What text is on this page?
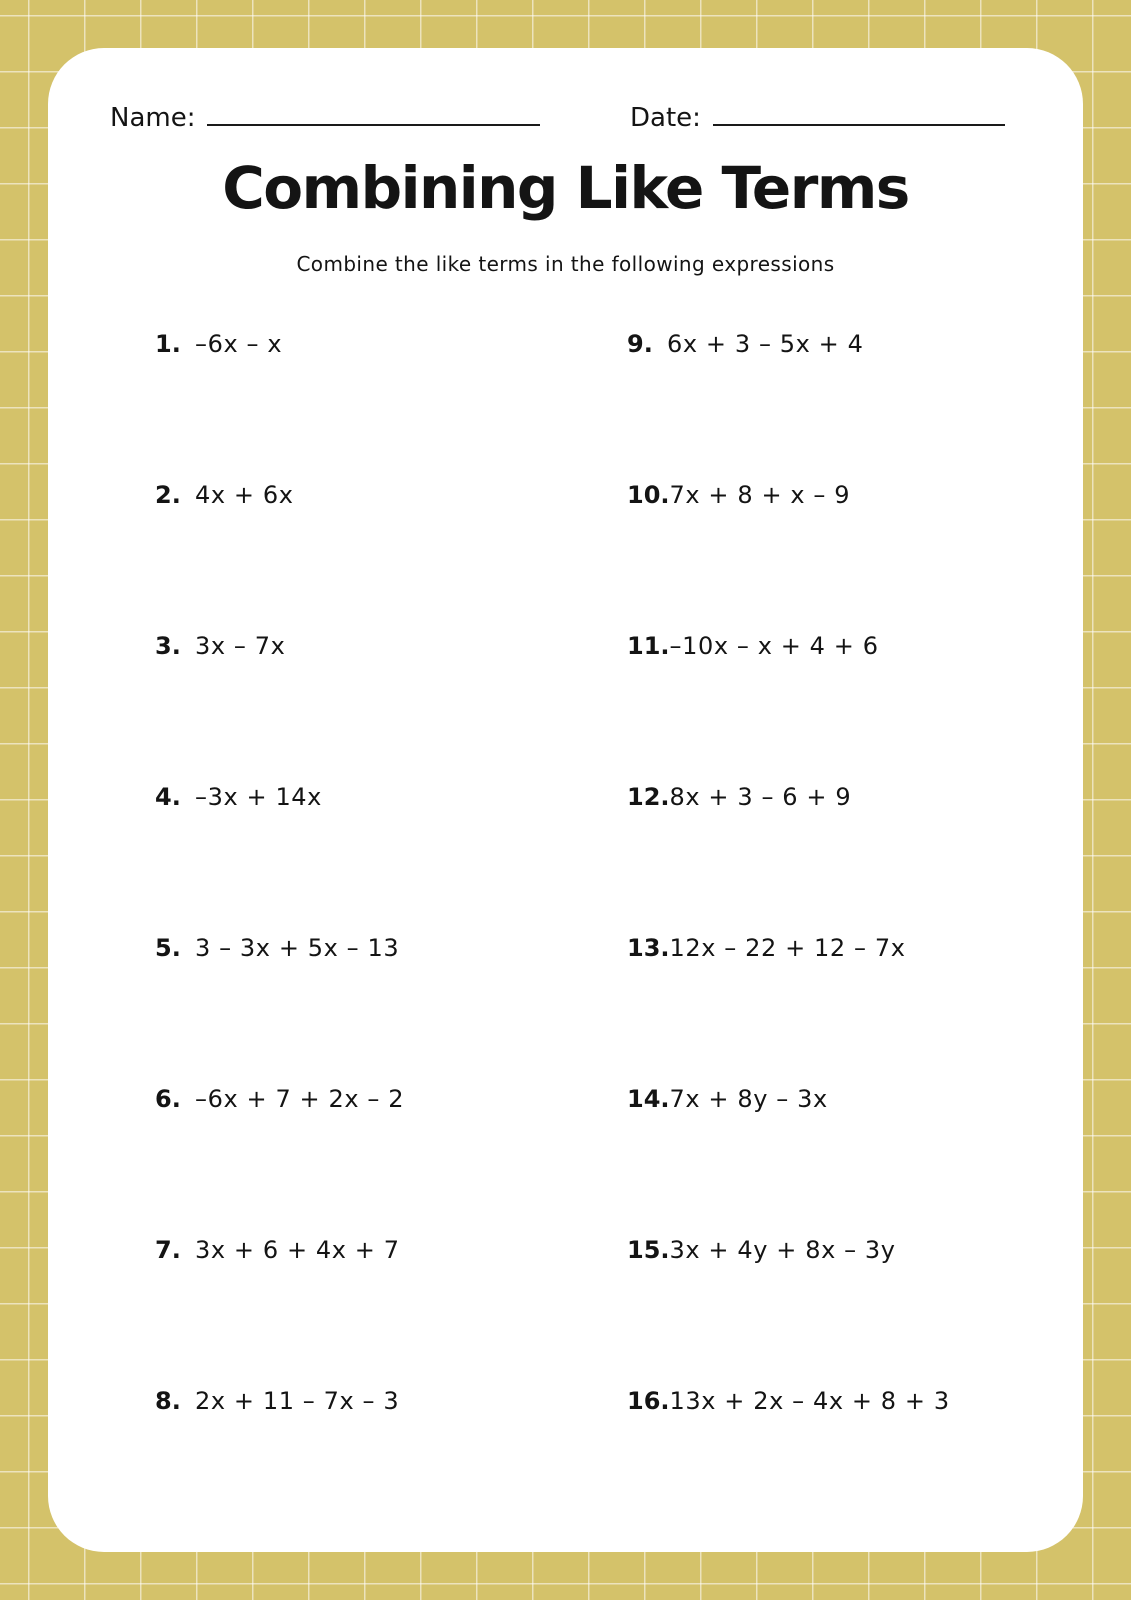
Name:	Date:
Combining Like Terms

Combine the like terms in the following expressions

1. –6x – x
2. 4x + 6x
3. 3x – 7x
4. –3x + 14x
5. 3 – 3x + 5x – 13
6. –6x + 7 + 2x – 2
7. 3x + 6 + 4x + 7
8. 2x + 11 – 7x – 3
9. 6x + 3 – 5x + 4
10. 7x + 8 + x – 9
11. –10x – x + 4 + 6
12. 8x + 3 – 6 + 9
13. 12x – 22 + 12 – 7x
14. 7x + 8y – 3x
15. 3x + 4y + 8x – 3y
16. 13x + 2x – 4x + 8 + 3
